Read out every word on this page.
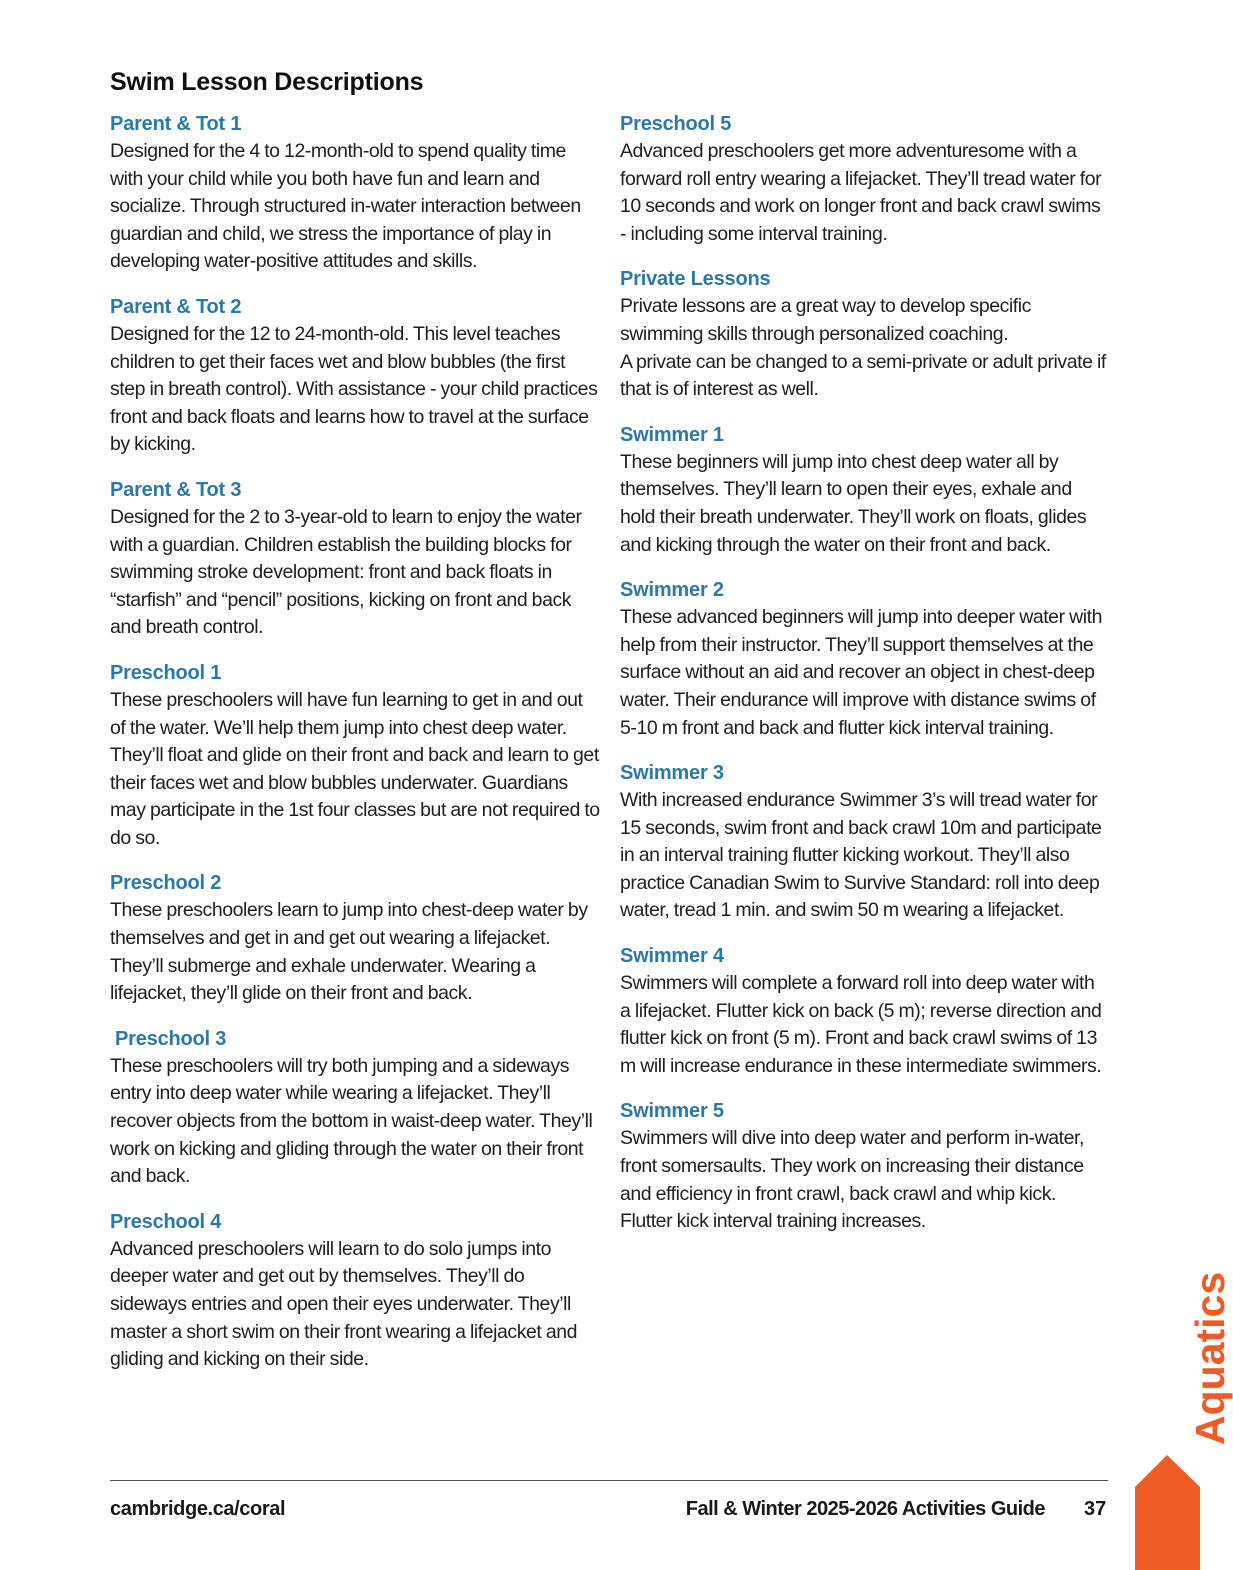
Swim Lesson Descriptions
Parent & Tot 1

Designed for the 4 to 12-month-old to spend quality time with your child while you both have fun and learn and socialize. Through structured in-water interaction between guardian and child, we stress the importance of play in developing water-positive attitudes and skills.

Parent & Tot 2

Designed for the 12 to 24-month-old. This level teaches children to get their faces wet and blow bubbles (the first step in breath control). With assistance - your child practices front and back floats and learns how to travel at the surface by kicking.

Parent & Tot 3

Designed for the 2 to 3-year-old to learn to enjoy the water with a guardian. Children establish the building blocks for swimming stroke development: front and back floats in “starfish” and “pencil” positions, kicking on front and back and breath control.

Preschool 1

These preschoolers will have fun learning to get in and out of the water. We’ll help them jump into chest deep water. They’ll float and glide on their front and back and learn to get their faces wet and blow bubbles underwater. Guardians may participate in the 1st four classes but are not required to do so.

Preschool 2

These preschoolers learn to jump into chest-deep water by themselves and get in and get out wearing a lifejacket. They’ll submerge and exhale underwater. Wearing a lifejacket, they’ll glide on their front and back.

Preschool 3

These preschoolers will try both jumping and a sideways entry into deep water while wearing a lifejacket. They’ll recover objects from the bottom in waist-deep water. They’ll work on kicking and gliding through the water on their front and back.

Preschool 4

Advanced preschoolers will learn to do solo jumps into deeper water and get out by themselves. They’ll do sideways entries and open their eyes underwater. They’ll master a short swim on their front wearing a lifejacket and gliding and kicking on their side.

Preschool 5

Advanced preschoolers get more adventuresome with a forward roll entry wearing a lifejacket. They’ll tread water for 10 seconds and work on longer front and back crawl swims - including some interval training.

Private Lessons

Private lessons are a great way to develop specific swimming skills through personalized coaching.

A private can be changed to a semi-private or adult private if that is of interest as well.

Swimmer 1

These beginners will jump into chest deep water all by themselves. They’ll learn to open their eyes, exhale and hold their breath underwater. They’ll work on floats, glides and kicking through the water on their front and back.

Swimmer 2

These advanced beginners will jump into deeper water with help from their instructor. They’ll support themselves at the surface without an aid and recover an object in chest-deep water. Their endurance will improve with distance swims of 5-10 m front and back and flutter kick interval training.

Swimmer 3

With increased endurance Swimmer 3’s will tread water for 15 seconds, swim front and back crawl 10m and participate in an interval training flutter kicking workout. They’ll also practice Canadian Swim to Survive Standard: roll into deep water, tread 1 min. and swim 50 m wearing a lifejacket.

Swimmer 4

Swimmers will complete a forward roll into deep water with a lifejacket. Flutter kick on back (5 m); reverse direction and flutter kick on front (5 m). Front and back crawl swims of 13 m will increase endurance in these intermediate swimmers.

Swimmer 5

Swimmers will dive into deep water and perform in-water, front somersaults. They work on increasing their distance and efficiency in front crawl, back crawl and whip kick. Flutter kick interval training increases.

Aquatics
cambridge.ca/coral	Fall & Winter 2025-2026 Activities Guide 37
